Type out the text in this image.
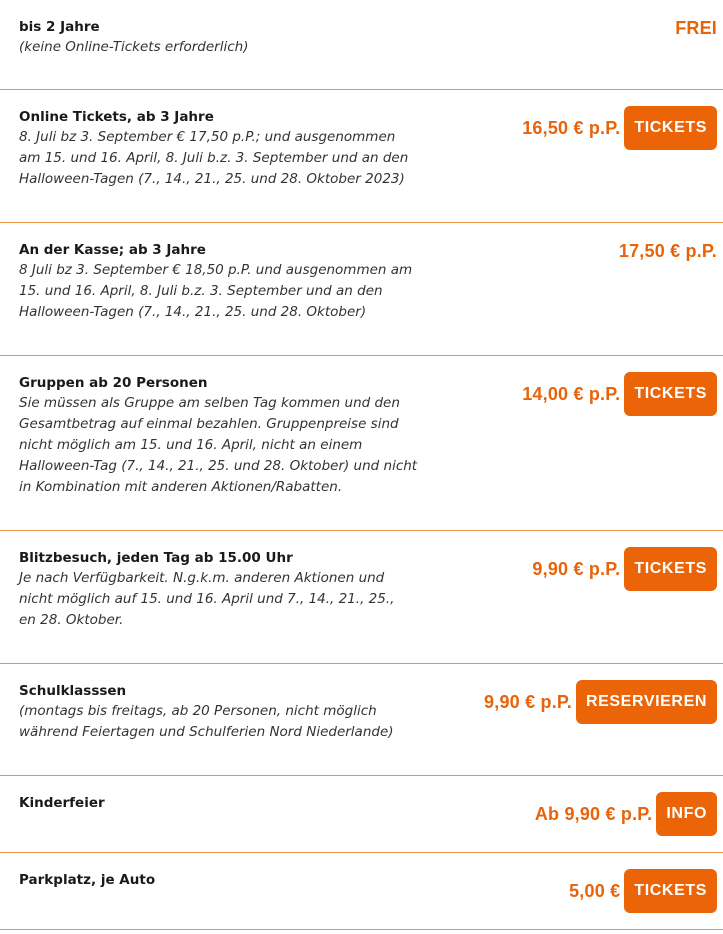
bis 2 Jahre
(keine Online-Tickets erforderlich)
FREI
Online Tickets, ab 3 Jahre
8. Juli bz 3. September € 17,50 p.P.; und ausgenommen am 15. und 16. April, 8. Juli b.z. 3. September und an den Halloween-Tagen (7., 14., 21., 25. und 28. Oktober 2023)
16,50 € p.P. TICKETS
An der Kasse; ab 3 Jahre
8 Juli bz 3. September € 18,50 p.P. und ausgenommen am 15. und 16. April, 8. Juli b.z. 3. September und an den Halloween-Tagen (7., 14., 21., 25. und 28. Oktober)
17,50 € p.P.
Gruppen ab 20 Personen
Sie müssen als Gruppe am selben Tag kommen und den Gesamtbetrag auf einmal bezahlen. Gruppenpreise sind nicht möglich am 15. und 16. April, nicht an einem Halloween-Tag (7., 14., 21., 25. und 28. Oktober) und nicht in Kombination mit anderen Aktionen/Rabatten.
14,00 € p.P. TICKETS
Blitzbesuch, jeden Tag ab 15.00 Uhr
Je nach Verfügbarkeit. N.g.k.m. anderen Aktionen und nicht möglich auf 15. und 16. April und 7., 14., 21., 25., en 28. Oktober.
9,90 € p.P. TICKETS
Schulklasssen
(montags bis freitags, ab 20 Personen, nicht möglich während Feiertagen und Schulferien Nord Niederlande)
9,90 € p.P. RESERVIEREN
Kinderfeier
Ab 9,90 € p.P. INFO
Parkplatz, je Auto
5,00 € TICKETS
